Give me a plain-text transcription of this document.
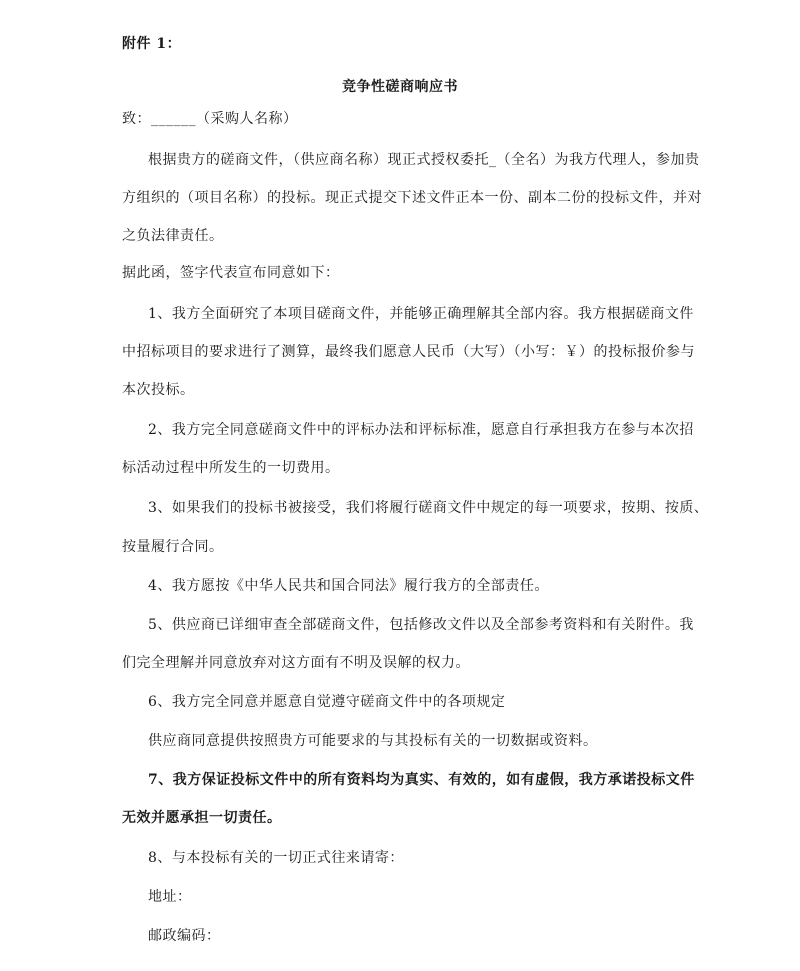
附件 1：
竞争性磋商响应书
致：______（采购人名称）
根据贵方的磋商文件，（供应商名称）现正式授权委托_（全名）为我方代理人，参加贵
方组织的（项目名称）的投标。现正式提交下述文件正本一份、副本二份的投标文件，并对
之负法律责任。
据此函，签字代表宣布同意如下：
1、我方全面研究了本项目磋商文件，并能够正确理解其全部内容。我方根据磋商文件
中招标项目的要求进行了测算，最终我们愿意人民币（大写）（小写：￥）的投标报价参与
本次投标。
2、我方完全同意磋商文件中的评标办法和评标标准，愿意自行承担我方在参与本次招
标活动过程中所发生的一切费用。
3、如果我们的投标书被接受，我们将履行磋商文件中规定的每一项要求，按期、按质、
按量履行合同。
4、我方愿按《中华人民共和国合同法》履行我方的全部责任。
5、供应商已详细审查全部磋商文件，包括修改文件以及全部参考资料和有关附件。我
们完全理解并同意放弃对这方面有不明及误解的权力。
6、我方完全同意并愿意自觉遵守磋商文件中的各项规定
供应商同意提供按照贵方可能要求的与其投标有关的一切数据或资料。
7、我方保证投标文件中的所有资料均为真实、有效的，如有虚假，我方承诺投标文件
无效并愿承担一切责任。
8、与本投标有关的一切正式往来请寄：
地址：
邮政编码：
